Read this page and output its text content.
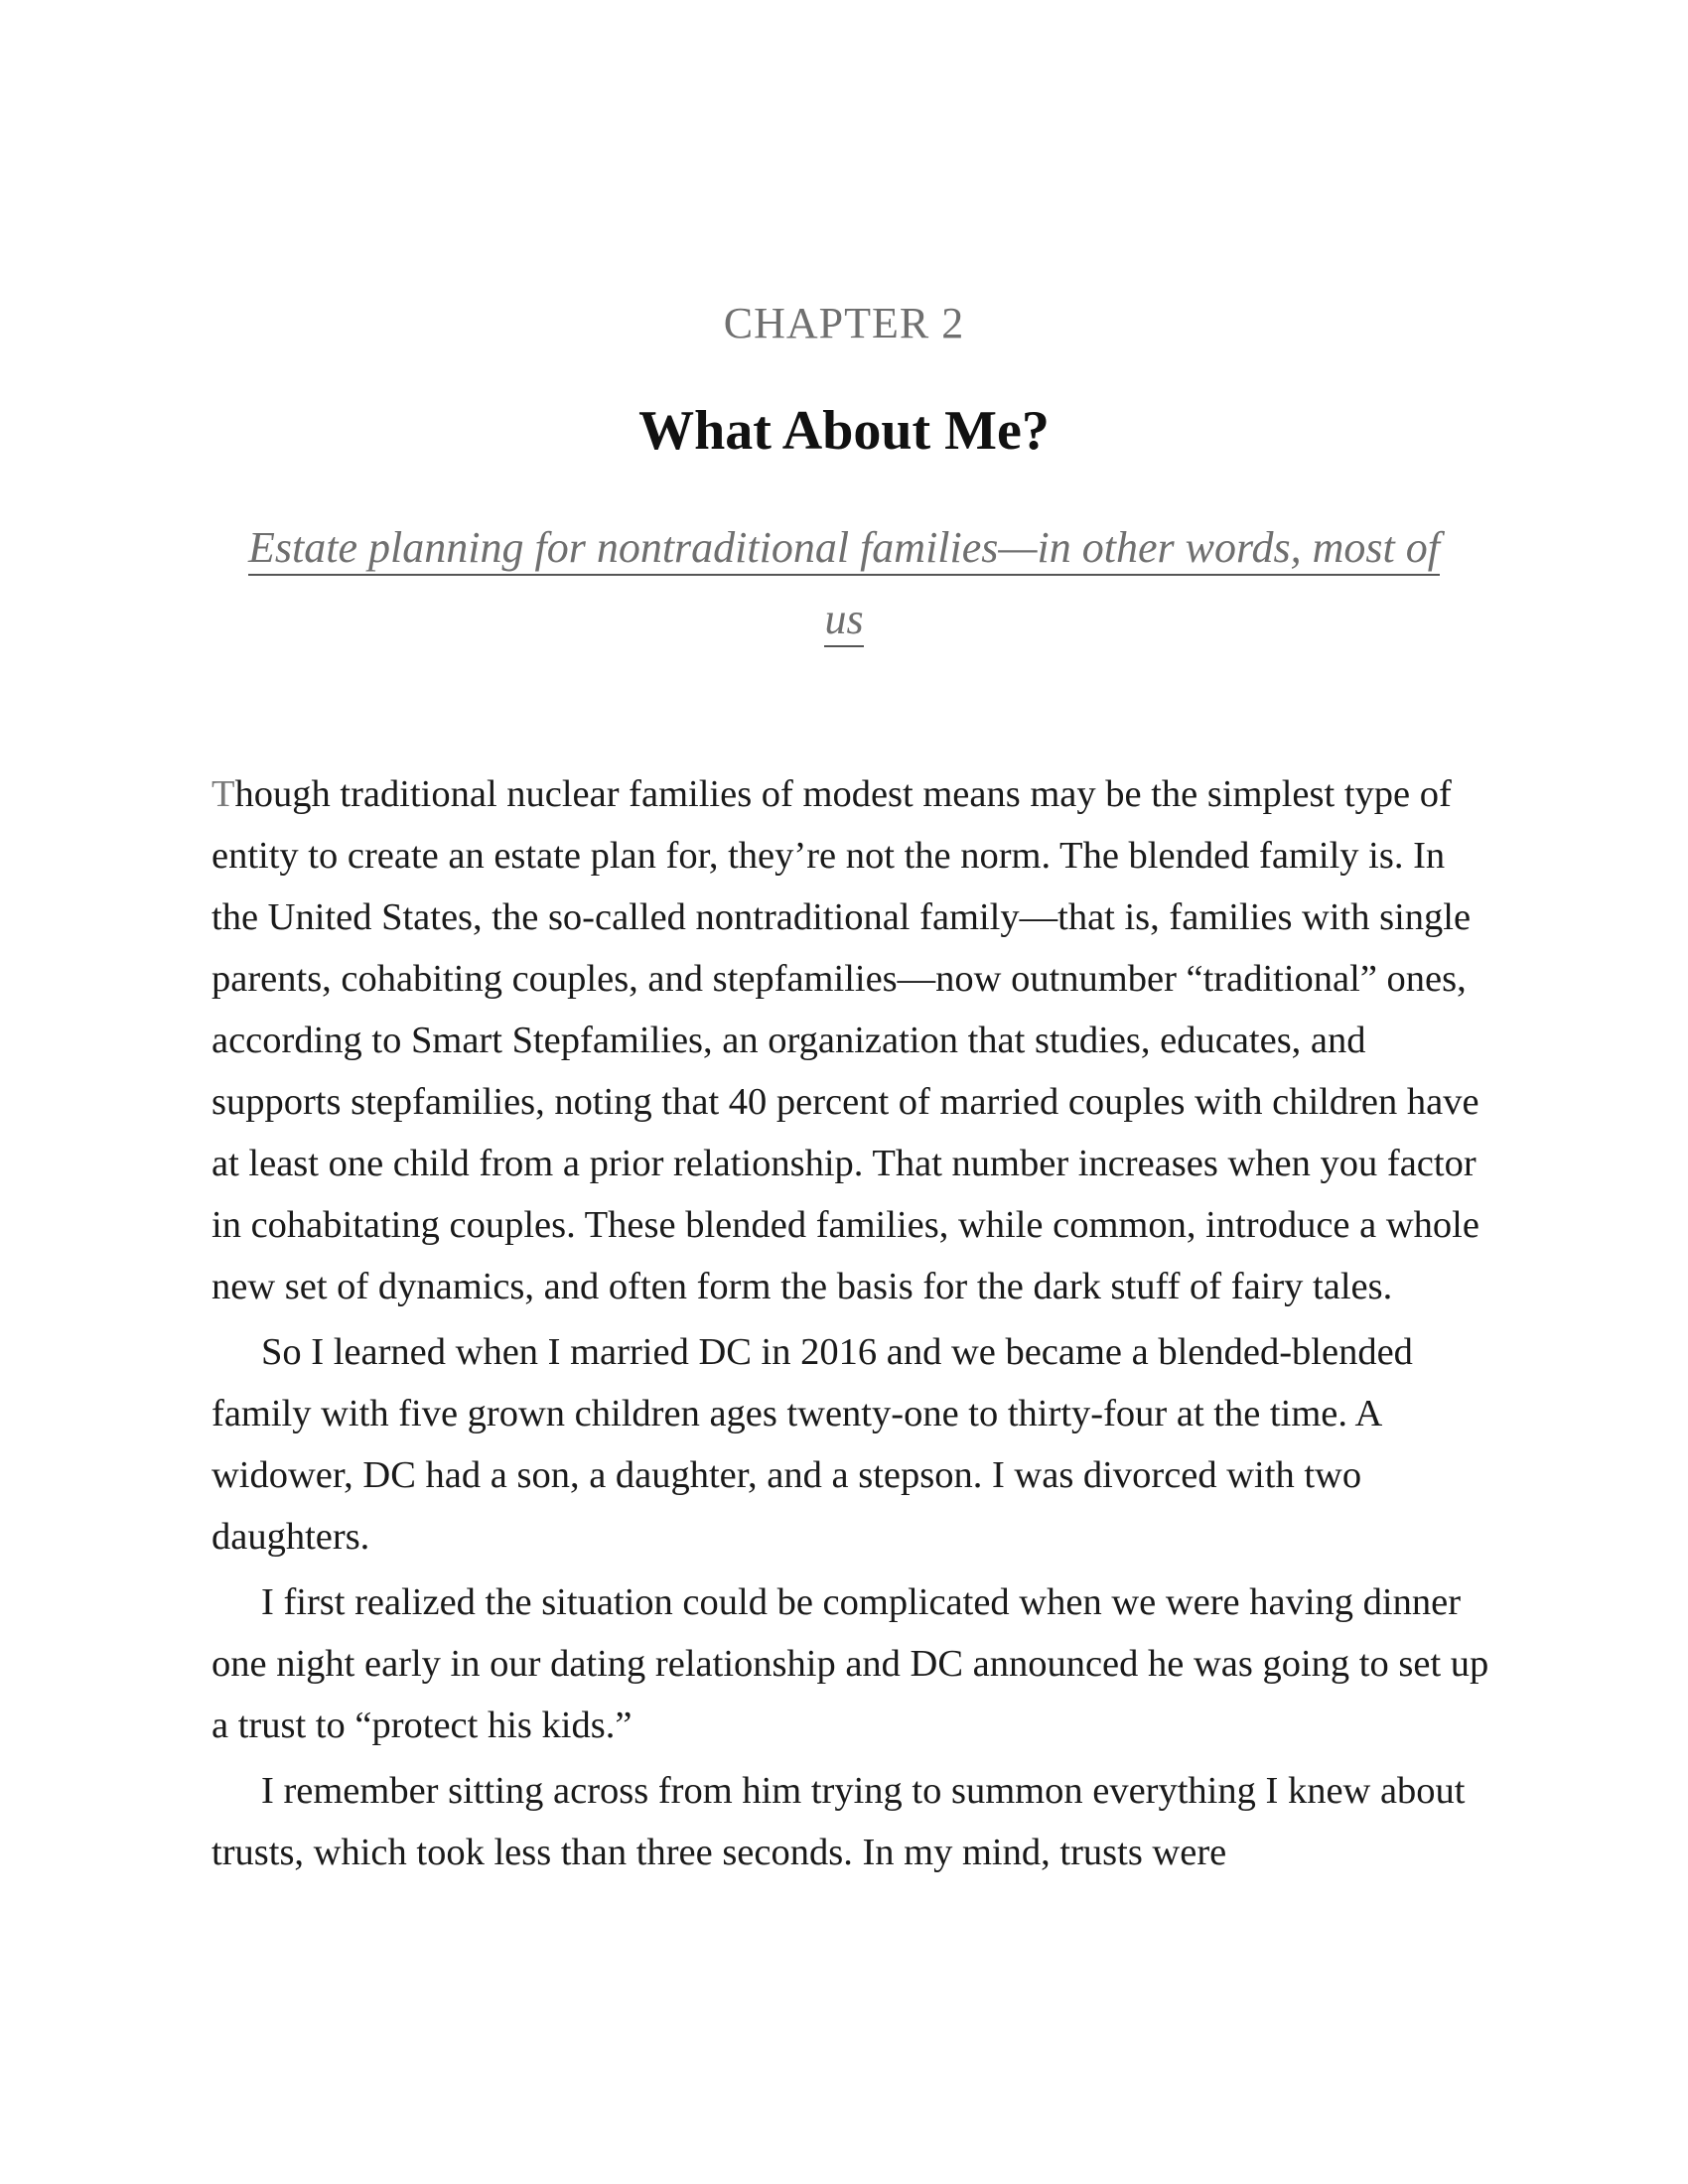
CHAPTER 2
What About Me?
Estate planning for nontraditional families—in other words, most of us

Though traditional nuclear families of modest means may be the simplest type of entity to create an estate plan for, they’re not the norm. The blended family is. In the United States, the so-called nontraditional family—that is, families with single parents, cohabiting couples, and stepfamilies—now outnumber “traditional” ones, according to Smart Stepfamilies, an organization that studies, educates, and supports stepfamilies, noting that 40 percent of married couples with children have at least one child from a prior relationship. That number increases when you factor in cohabitating couples. These blended families, while common, introduce a whole new set of dynamics, and often form the basis for the dark stuff of fairy tales.

So I learned when I married DC in 2016 and we became a blended-blended family with five grown children ages twenty-one to thirty-four at the time. A widower, DC had a son, a daughter, and a stepson. I was divorced with two daughters.

I first realized the situation could be complicated when we were having dinner one night early in our dating relationship and DC announced he was going to set up a trust to “protect his kids.”

I remember sitting across from him trying to summon everything I knew about trusts, which took less than three seconds. In my mind, trusts were
